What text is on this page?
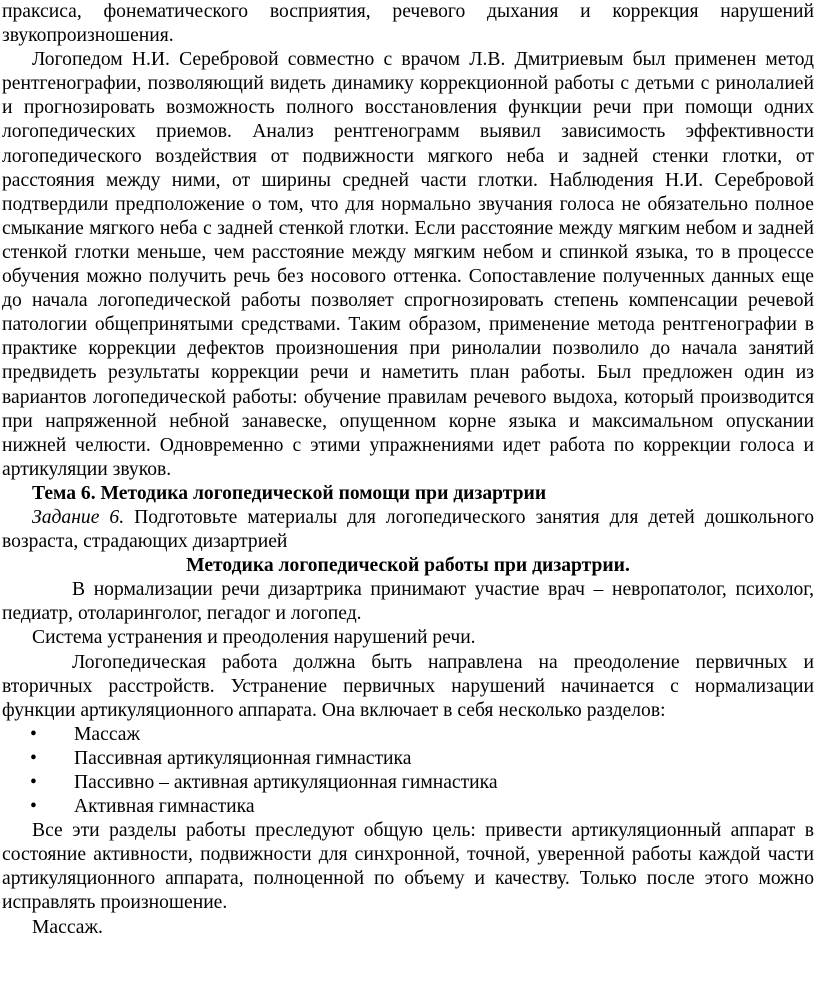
праксиса, фонематического восприятия, речевого дыхания и коррекция нарушений звукопроизношения.

Логопедом Н.И. Серебровой совместно с врачом Л.В. Дмитриевым был применен метод рентгенографии, позволяющий видеть динамику коррекционной работы с детьми с ринолалией и прогнозировать возможность полного восстановления функции речи при помощи одних логопедических приемов. Анализ рентгенограмм выявил зависимость эффективности логопедического воздействия от подвижности мягкого неба и задней стенки глотки, от расстояния между ними, от ширины средней части глотки. Наблюдения Н.И. Серебровой подтвердили предположение о том, что для нормально звучания голоса не обязательно полное смыкание мягкого неба с задней стенкой глотки. Если расстояние между мягким небом и задней стенкой глотки меньше, чем расстояние между мягким небом и спинкой языка, то в процессе обучения можно получить речь без носового оттенка. Сопоставление полученных данных еще до начала логопедической работы позволяет спрогнозировать степень компенсации речевой патологии общепринятыми средствами. Таким образом, применение метода рентгенографии в практике коррекции дефектов произношения при ринолалии позволило до начала занятий предвидеть результаты коррекции речи и наметить план работы. Был предложен один из вариантов логопедической работы: обучение правилам речевого выдоха, который производится при напряженной небной занавеске, опущенном корне языка и максимальном опускании нижней челюсти. Одновременно с этими упражнениями идет работа по коррекции голоса и артикуляции звуков.

Тема 6. Методика логопедической помощи при дизартрии

Задание 6. Подготовьте материалы для логопедического занятия для детей дошкольного возраста, страдающих дизартрией

Методика логопедической работы при дизартрии.

В нормализации речи дизартрика принимают участие врач – невропатолог, психолог, педиатр, отоларинголог, пегадог и логопед.

Система устранения и преодоления нарушений речи.

Логопедическая работа должна быть направлена на преодоление первичных и вторичных расстройств. Устранение первичных нарушений начинается с нормализации функции артикуляционного аппарата. Она включает в себя несколько разделов:

• Массаж
• Пассивная артикуляционная гимнастика
• Пассивно – активная артикуляционная гимнастика
• Активная гимнастика

Все эти разделы работы преследуют общую цель: привести артикуляционный аппарат в состояние активности, подвижности для синхронной, точной, уверенной работы каждой части артикуляционного аппарата, полноценной по объему и качеству. Только после этого можно исправлять произношение.

Массаж.
